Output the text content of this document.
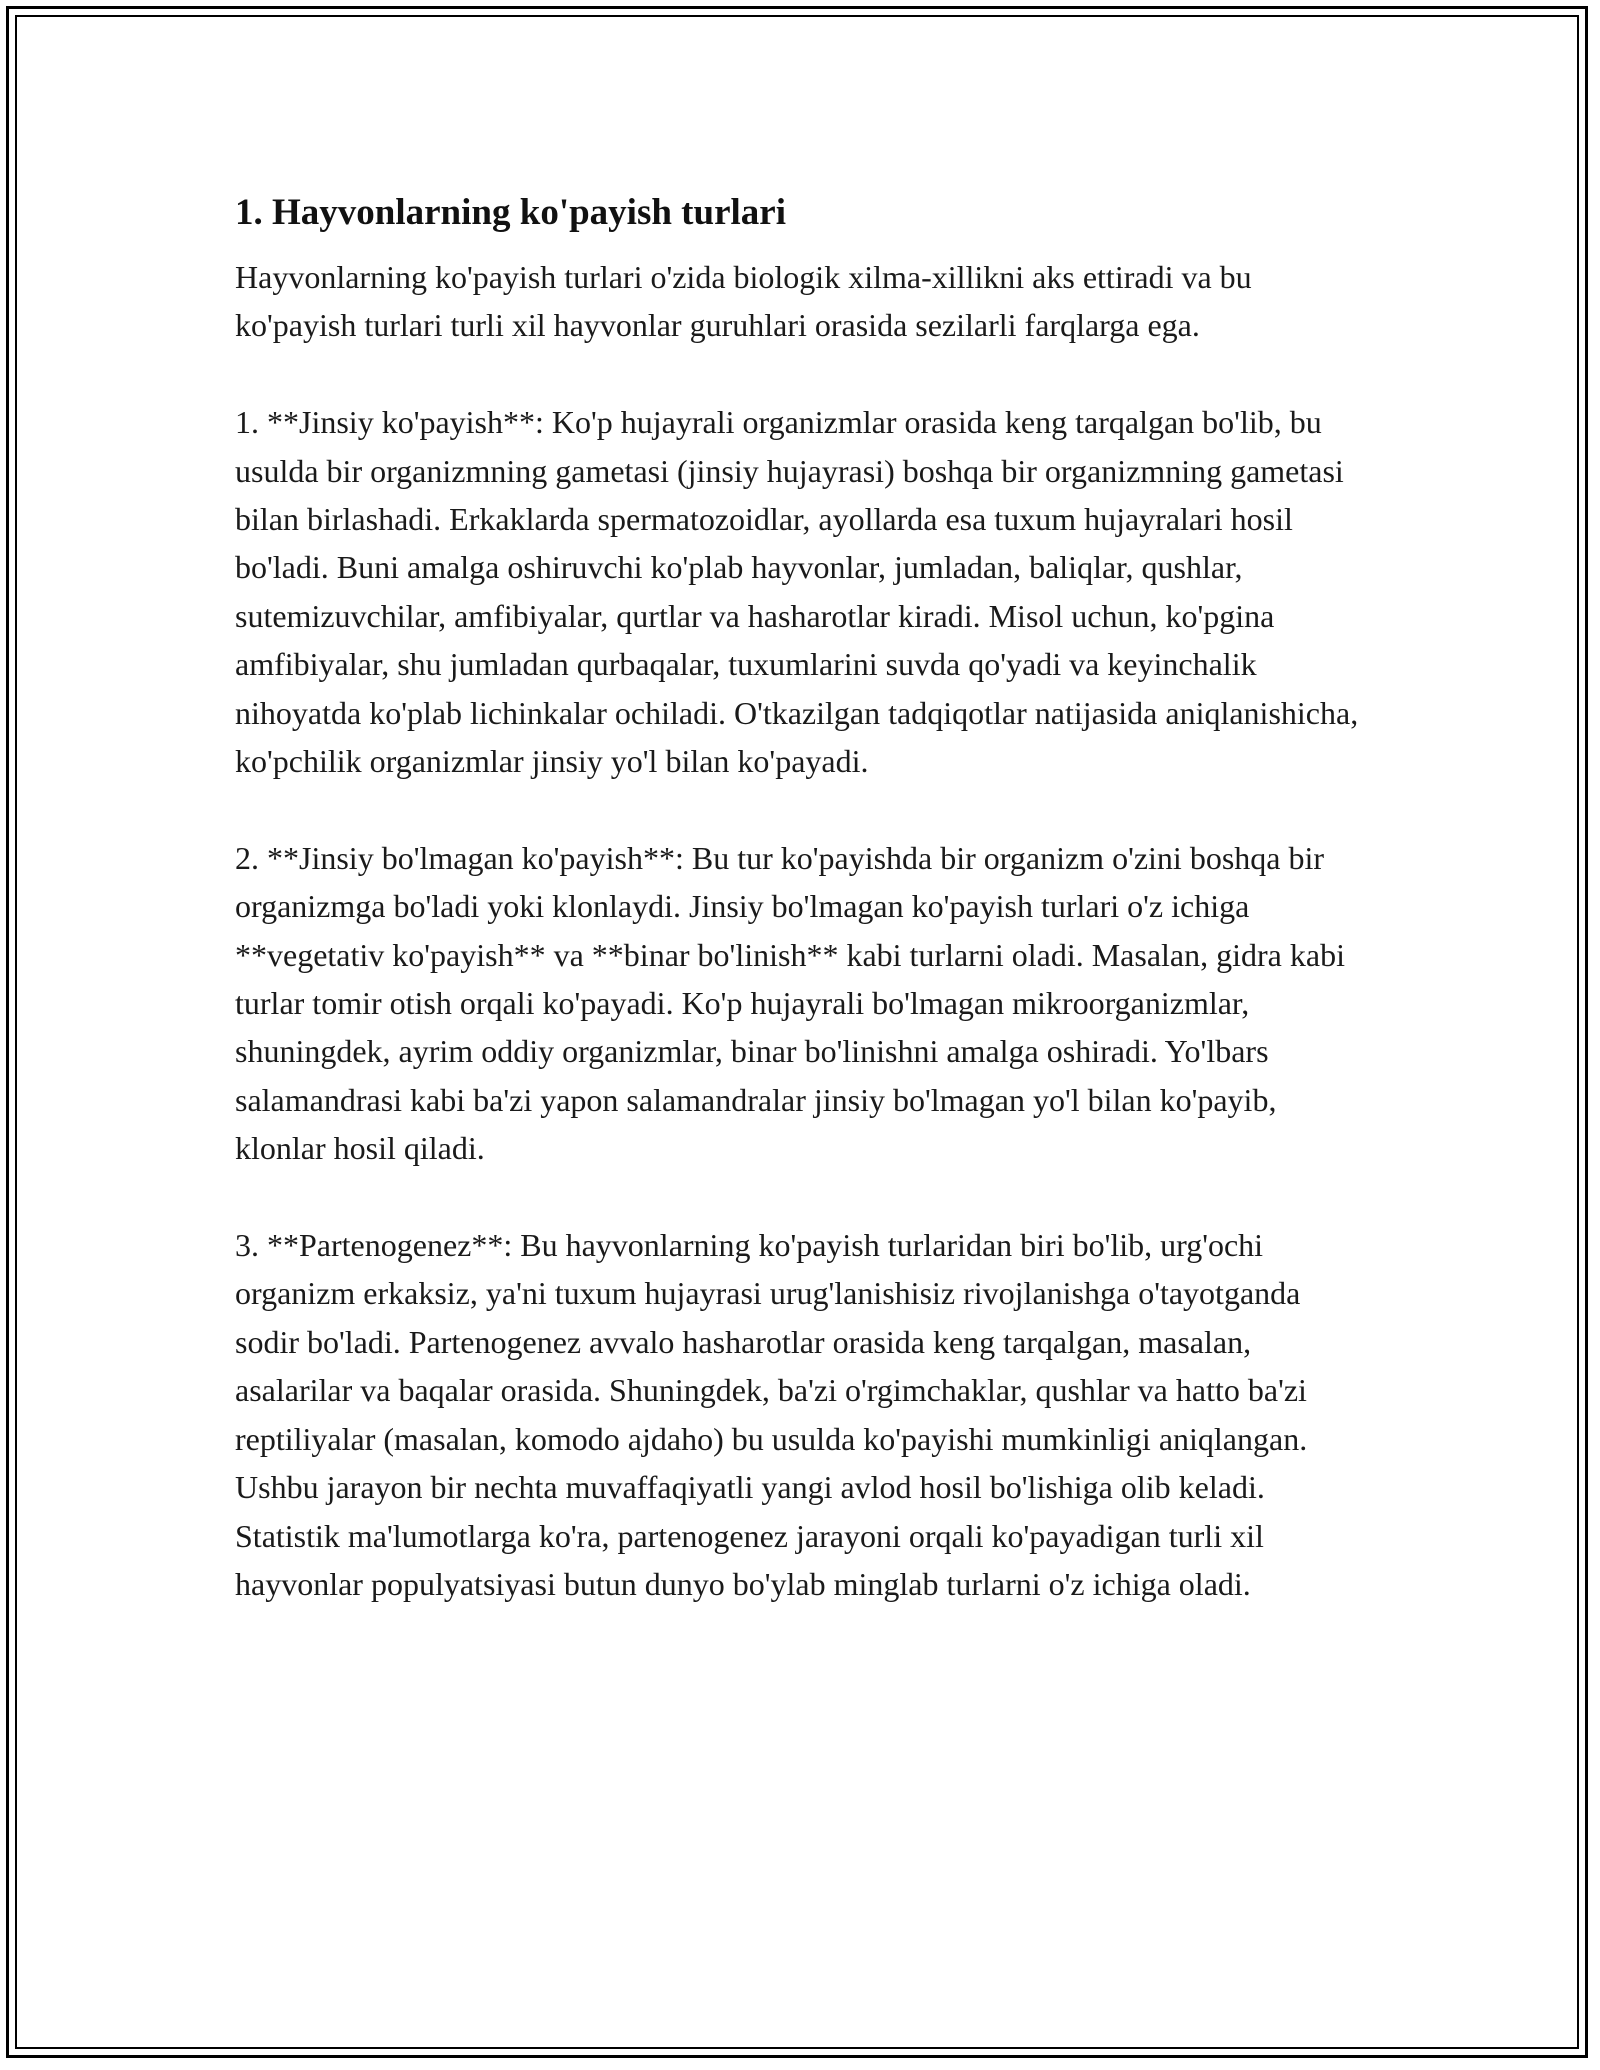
1. Hayvonlarning ko'payish turlari

Hayvonlarning ko'payish turlari o'zida biologik xilma-xillikni aks ettiradi va bu ko'payish turlari turli xil hayvonlar guruhlari orasida sezilarli farqlarga ega.

1. **Jinsiy ko'payish**: Ko'p hujayrali organizmlar orasida keng tarqalgan bo'lib, bu usulda bir organizmning gametasi (jinsiy hujayrasi) boshqa bir organizmning gametasi bilan birlashadi. Erkaklarda spermatozoidlar, ayollarda esa tuxum hujayralari hosil bo'ladi. Buni amalga oshiruvchi ko'plab hayvonlar, jumladan, baliqlar, qushlar, sutemizuvchilar, amfibiyalar, qurtlar va hasharotlar kiradi. Misol uchun, ko'pgina amfibiyalar, shu jumladan qurbaqalar, tuxumlarini suvda qo'yadi va keyinchalik nihoyatda ko'plab lichinkalar ochiladi. O'tkazilgan tadqiqotlar natijasida aniqlanishicha, ko'pchilik organizmlar jinsiy yo'l bilan ko'payadi.

2. **Jinsiy bo'lmagan ko'payish**: Bu tur ko'payishda bir organizm o'zini boshqa bir organizmga bo'ladi yoki klonlaydi. Jinsiy bo'lmagan ko'payish turlari o'z ichiga **vegetativ ko'payish** va **binar bo'linish** kabi turlarni oladi. Masalan, gidra kabi turlar tomir otish orqali ko'payadi. Ko'p hujayrali bo'lmagan mikroorganizmlar, shuningdek, ayrim oddiy organizmlar, binar bo'linishni amalga oshiradi. Yo'lbars salamandrasi kabi ba'zi yapon salamandralar jinsiy bo'lmagan yo'l bilan ko'payib, klonlar hosil qiladi.

3. **Partenogenez**: Bu hayvonlarning ko'payish turlaridan biri bo'lib, urg'ochi organizm erkaksiz, ya'ni tuxum hujayrasi urug'lanishisiz rivojlanishga o'tayotganda sodir bo'ladi. Partenogenez avvalo hasharotlar orasida keng tarqalgan, masalan, asalarilar va baqalar orasida. Shuningdek, ba'zi o'rgimchaklar, qushlar va hatto ba'zi reptiliyalar (masalan, komodo ajdaho) bu usulda ko'payishi mumkinligi aniqlangan. Ushbu jarayon bir nechta muvaffaqiyatli yangi avlod hosil bo'lishiga olib keladi. Statistik ma'lumotlarga ko'ra, partenogenez jarayoni orqali ko'payadigan turli xil hayvonlar populyatsiyasi butun dunyo bo'ylab minglab turlarni o'z ichiga oladi.
